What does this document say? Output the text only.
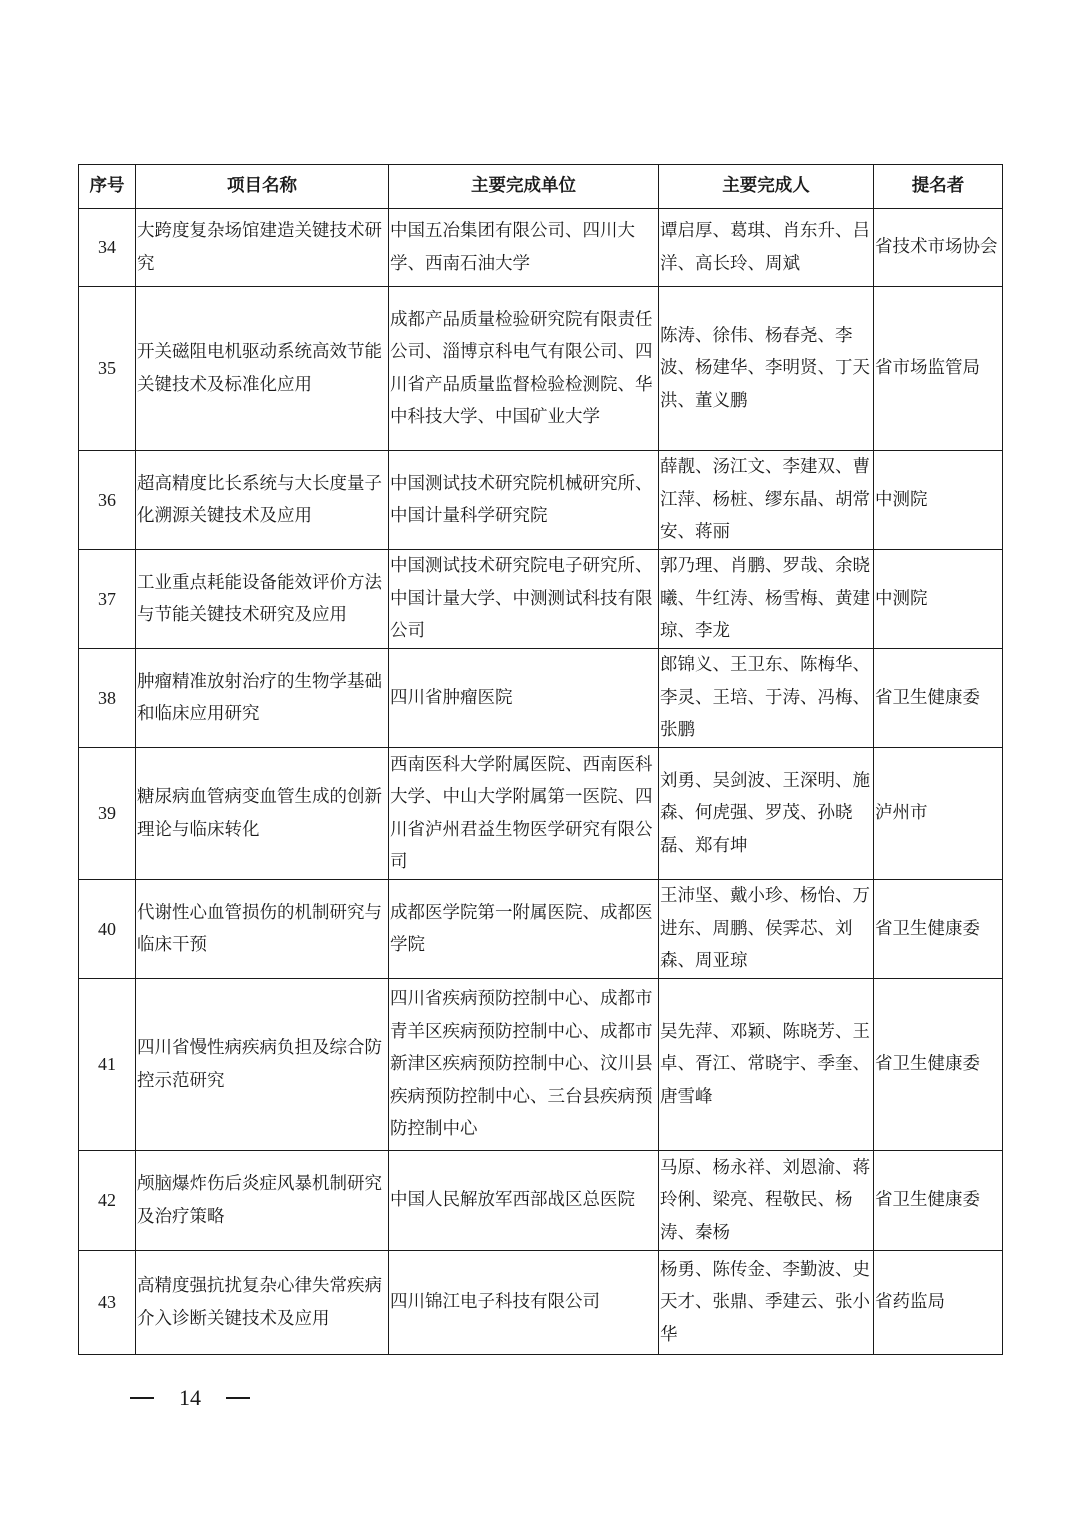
序号	项目名称	主要完成单位	主要完成人	提名者
34	大跨度复杂场馆建造关键技术研究	中国五冶集团有限公司、四川大学、西南石油大学	谭启厚、葛琪、肖东升、吕洋、高长玲、周斌	省技术市场协会
35	开关磁阻电机驱动系统高效节能关键技术及标准化应用	成都产品质量检验研究院有限责任公司、淄博京科电气有限公司、四川省产品质量监督检验检测院、华中科技大学、中国矿业大学	陈涛、徐伟、杨春尧、李波、杨建华、李明贤、丁天洪、董义鹏	省市场监管局
36	超高精度比长系统与大长度量子化溯源关键技术及应用	中国测试技术研究院机械研究所、中国计量科学研究院	薛靓、汤江文、李建双、曹江萍、杨桩、缪东晶、胡常安、蒋丽	中测院
37	工业重点耗能设备能效评价方法与节能关键技术研究及应用	中国测试技术研究院电子研究所、中国计量大学、中测测试科技有限公司	郭乃理、肖鹏、罗哉、余晓曦、牛红涛、杨雪梅、黄建琼、李龙	中测院
38	肿瘤精准放射治疗的生物学基础和临床应用研究	四川省肿瘤医院	郎锦义、王卫东、陈梅华、李灵、王培、于涛、冯梅、张鹏	省卫生健康委
39	糖尿病血管病变血管生成的创新理论与临床转化	西南医科大学附属医院、西南医科大学、中山大学附属第一医院、四川省泸州君益生物医学研究有限公司	刘勇、吴剑波、王深明、施森、何虎强、罗茂、孙晓磊、郑有坤	泸州市
40	代谢性心血管损伤的机制研究与临床干预	成都医学院第一附属医院、成都医学院	王沛坚、戴小珍、杨怡、万进东、周鹏、侯霁芯、刘森、周亚琼	省卫生健康委
41	四川省慢性病疾病负担及综合防控示范研究	四川省疾病预防控制中心、成都市青羊区疾病预防控制中心、成都市新津区疾病预防控制中心、汶川县疾病预防控制中心、三台县疾病预防控制中心	吴先萍、邓颖、陈晓芳、王卓、胥江、常晓宇、季奎、唐雪峰	省卫生健康委
42	颅脑爆炸伤后炎症风暴机制研究及治疗策略	中国人民解放军西部战区总医院	马原、杨永祥、刘恩渝、蒋玲俐、梁亮、程敬民、杨涛、秦杨	省卫生健康委
43	高精度强抗扰复杂心律失常疾病介入诊断关键技术及应用	四川锦江电子科技有限公司	杨勇、陈传金、李勤波、史天才、张鼎、季建云、张小华	省药监局
14
